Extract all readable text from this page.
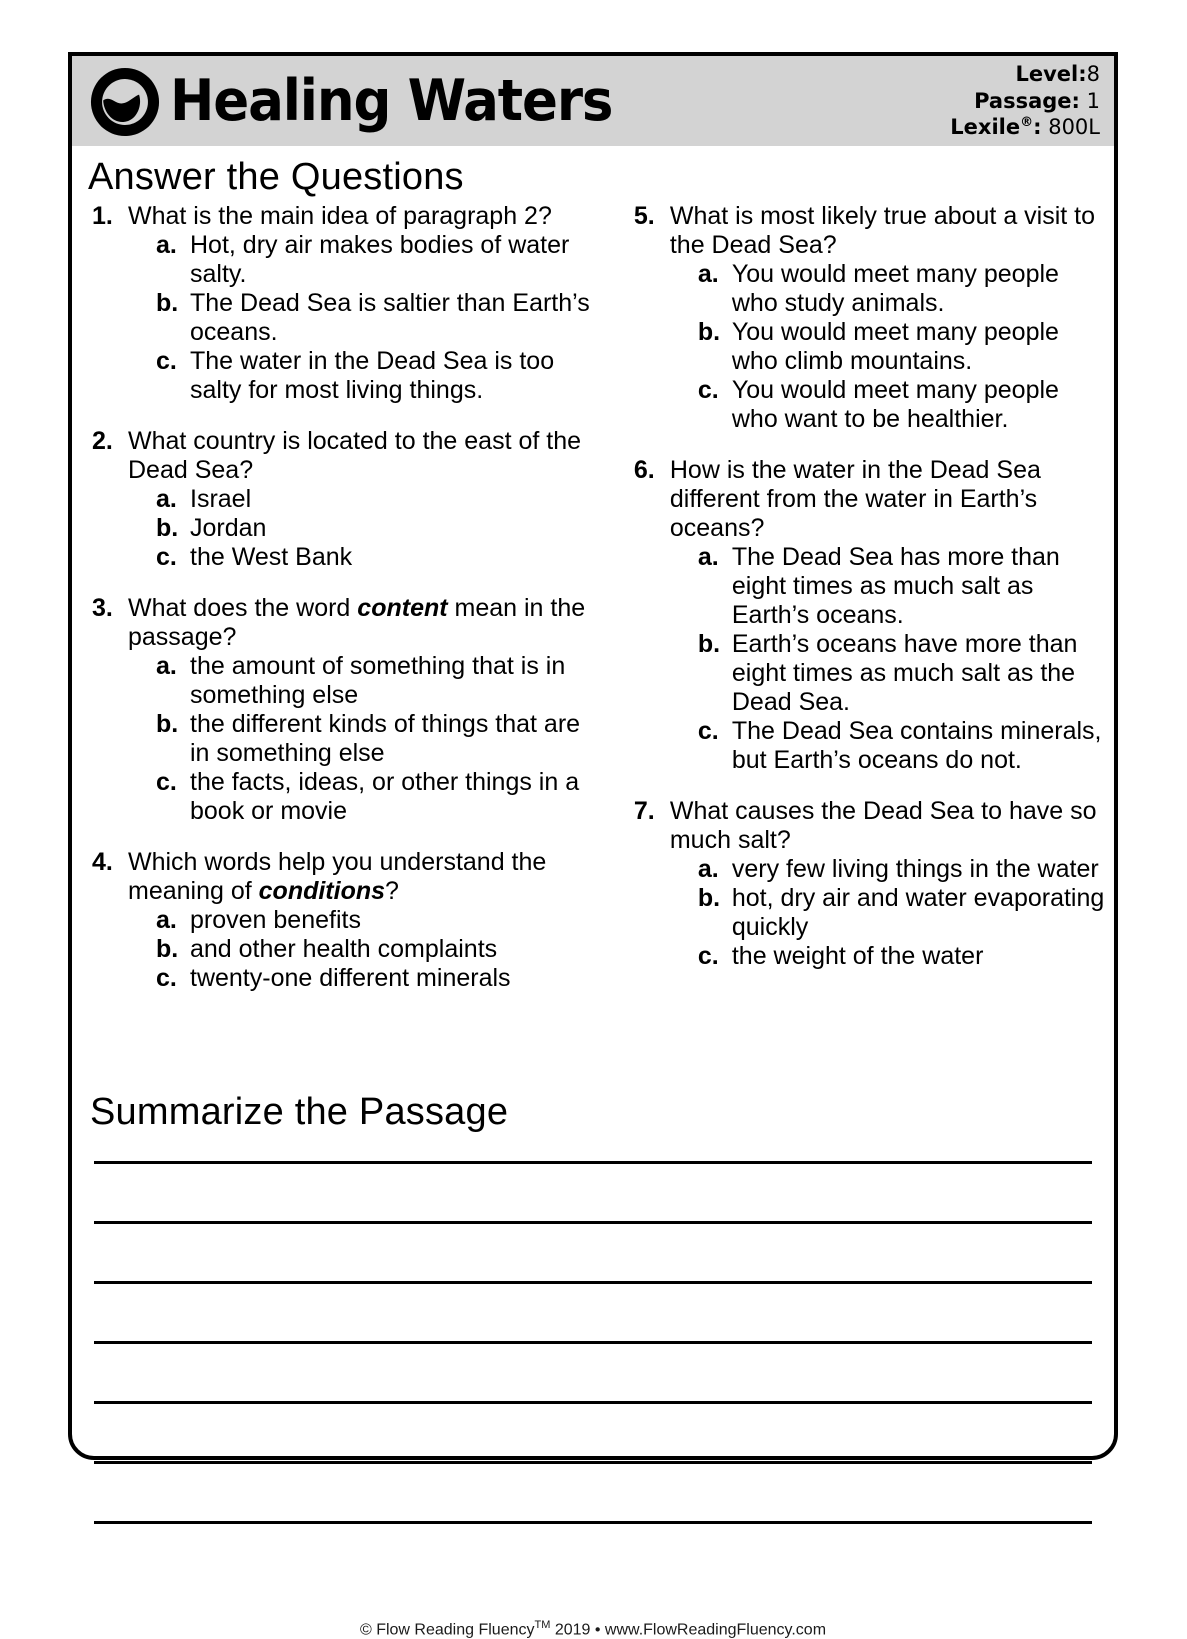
Healing Waters	Level:8
Passage: 1
Lexile®: 800L
Answer the Questions
1. What is the main idea of paragraph 2?
a. Hot, dry air makes bodies of water salty.
b. The Dead Sea is saltier than Earth’s oceans.
c. The water in the Dead Sea is too salty for most living things.
2. What country is located to the east of the Dead Sea?
a. Israel
b. Jordan
c. the West Bank
3. What does the word content mean in the passage?
a. the amount of something that is in something else
b. the different kinds of things that are in something else
c. the facts, ideas, or other things in a book or movie
4. Which words help you understand the meaning of conditions?
a. proven benefits
b. and other health complaints
c. twenty-one different minerals
5. What is most likely true about a visit to the Dead Sea?
a. You would meet many people who study animals.
b. You would meet many people who climb mountains.
c. You would meet many people who want to be healthier.
6. How is the water in the Dead Sea different from the water in Earth’s oceans?
a. The Dead Sea has more than eight times as much salt as Earth’s oceans.
b. Earth’s oceans have more than eight times as much salt as the Dead Sea.
c. The Dead Sea contains minerals, but Earth’s oceans do not.
7. What causes the Dead Sea to have so much salt?
a. very few living things in the water
b. hot, dry air and water evaporating quickly
c. the weight of the water
Summarize the Passage
© Flow Reading Fluency™ 2019 • www.FlowReadingFluency.com
